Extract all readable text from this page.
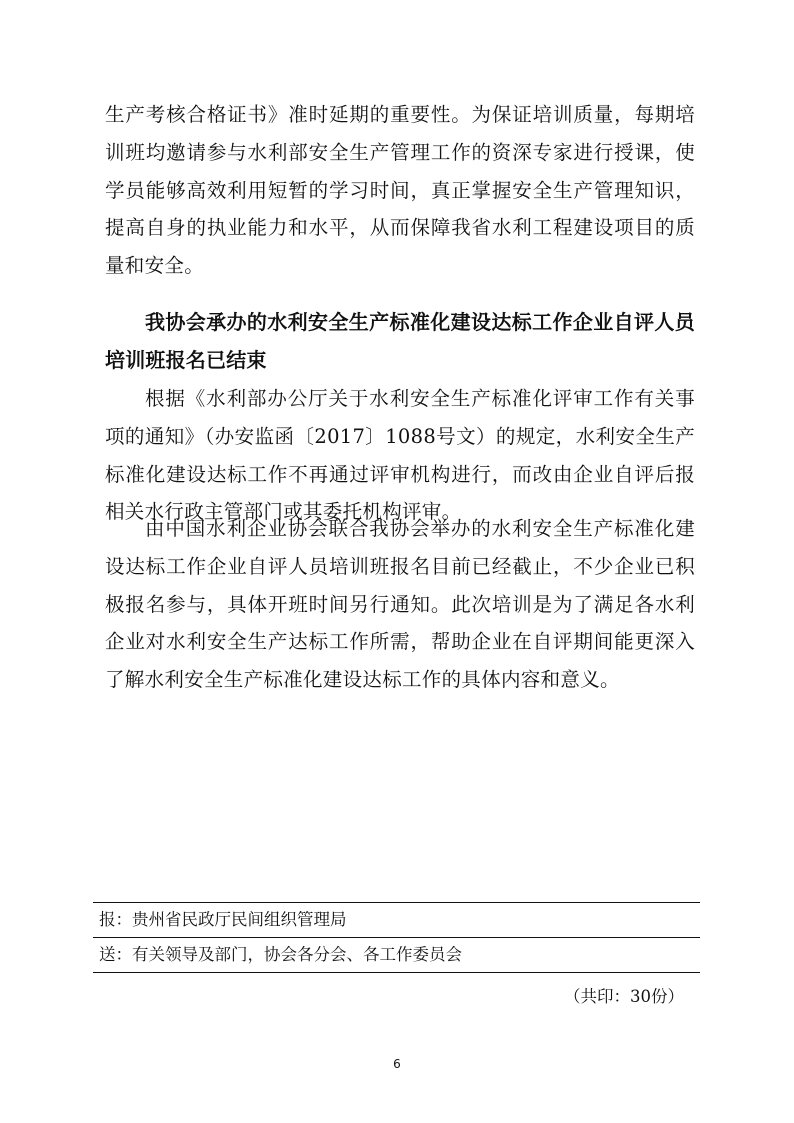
生产考核合格证书》准时延期的重要性。为保证培训质量，每期培训班均邀请参与水利部安全生产管理工作的资深专家进行授课，使学员能够高效利用短暂的学习时间，真正掌握安全生产管理知识，提高自身的执业能力和水平，从而保障我省水利工程建设项目的质量和安全。

我协会承办的水利安全生产标准化建设达标工作企业自评人员培训班报名已结束

根据《水利部办公厅关于水利安全生产标准化评审工作有关事项的通知》（办安监函〔2017〕1088号文）的规定，水利安全生产标准化建设达标工作不再通过评审机构进行，而改由企业自评后报相关水行政主管部门或其委托机构评审。

由中国水利企业协会联合我协会举办的水利安全生产标准化建设达标工作企业自评人员培训班报名目前已经截止，不少企业已积极报名参与，具体开班时间另行通知。此次培训是为了满足各水利企业对水利安全生产达标工作所需，帮助企业在自评期间能更深入了解水利安全生产标准化建设达标工作的具体内容和意义。

报：贵州省民政厅民间组织管理局
送：有关领导及部门，协会各分会、各工作委员会
（共印：30份）
6
